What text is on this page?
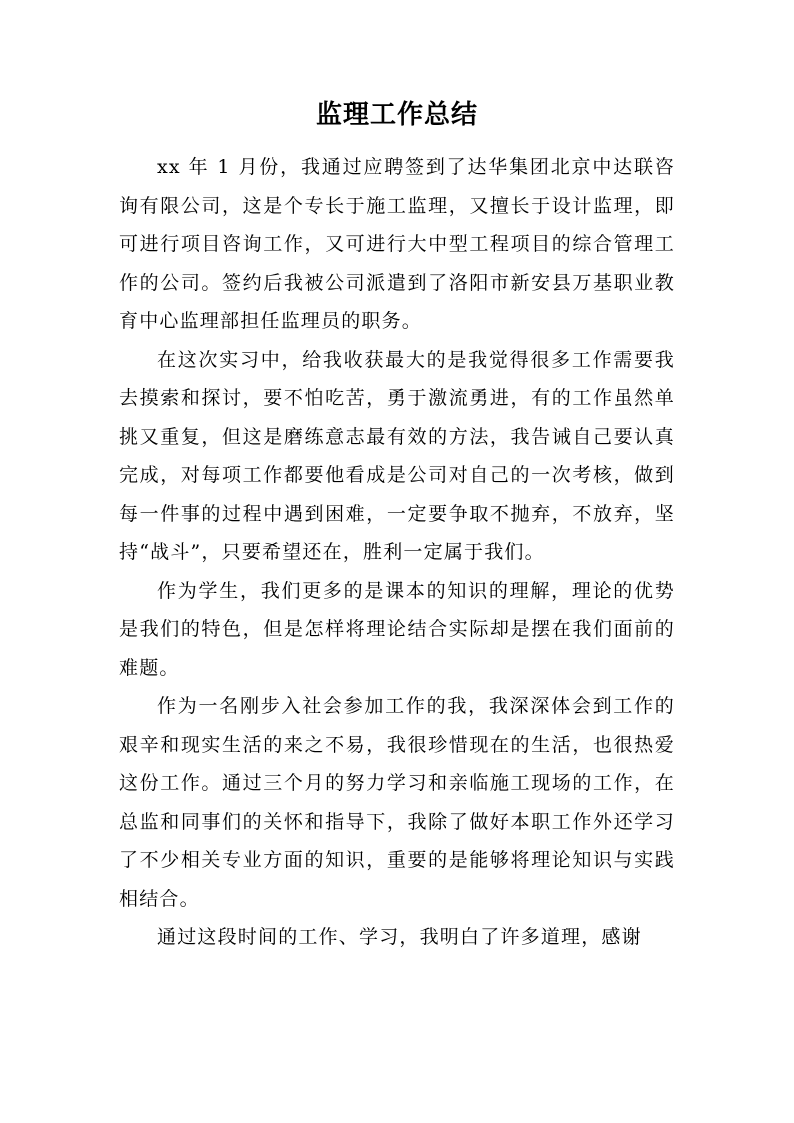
监理工作总结

xx 年 1 月份，我通过应聘签到了达华集团北京中达联咨询有限公司，这是个专长于施工监理，又擅长于设计监理，即可进行项目咨询工作，又可进行大中型工程项目的综合管理工作的公司。签约后我被公司派遣到了洛阳市新安县万基职业教育中心监理部担任监理员的职务。

在这次实习中，给我收获最大的是我觉得很多工作需要我去摸索和探讨，要不怕吃苦，勇于激流勇进，有的工作虽然单挑又重复，但这是磨练意志最有效的方法，我告诫自己要认真完成，对每项工作都要他看成是公司对自己的一次考核，做到每一件事的过程中遇到困难，一定要争取不抛弃，不放弃，坚持“战斗”，只要希望还在，胜利一定属于我们。

作为学生，我们更多的是课本的知识的理解，理论的优势是我们的特色，但是怎样将理论结合实际却是摆在我们面前的难题。

作为一名刚步入社会参加工作的我，我深深体会到工作的艰辛和现实生活的来之不易，我很珍惜现在的生活，也很热爱这份工作。通过三个月的努力学习和亲临施工现场的工作，在总监和同事们的关怀和指导下，我除了做好本职工作外还学习了不少相关专业方面的知识，重要的是能够将理论知识与实践相结合。

通过这段时间的工作、学习，我明白了许多道理，感谢
